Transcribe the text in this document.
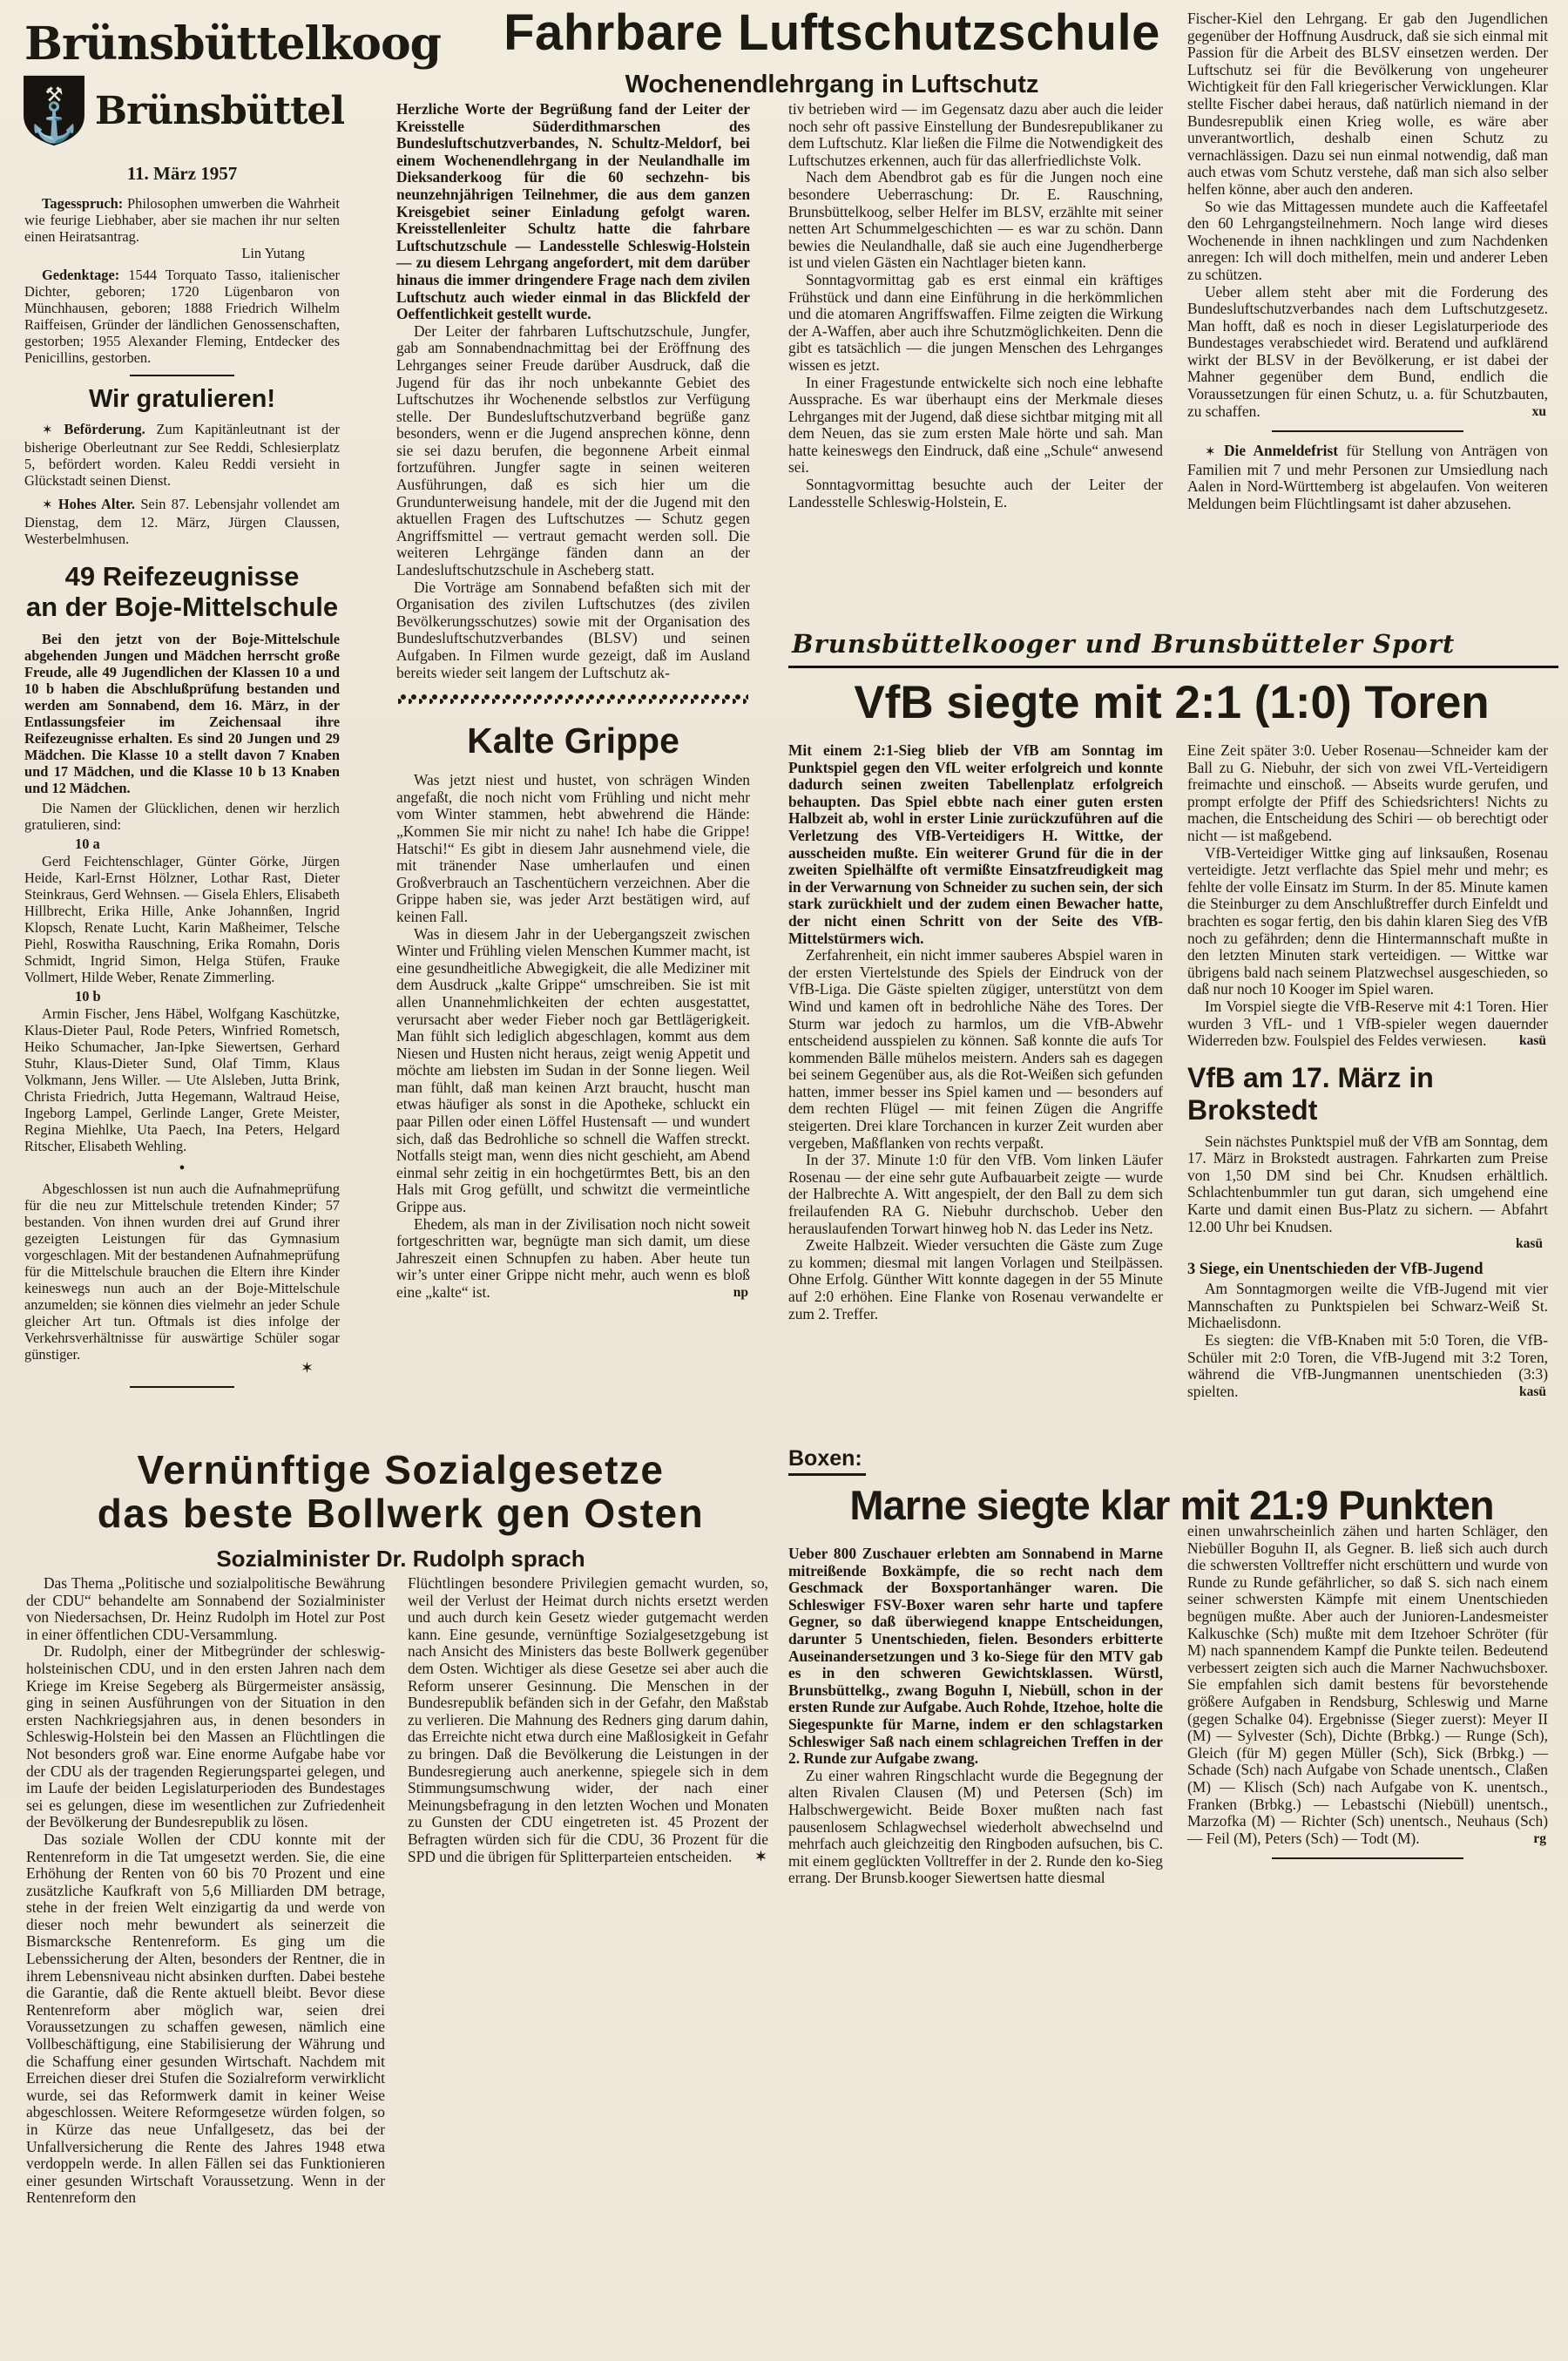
Brünsbüttelkoog
⚒
⚓ Brünsbüttel
11. März 1957

Tagesspruch: Philosophen umwerben die Wahrheit wie feurige Liebhaber, aber sie machen ihr nur selten einen Heiratsantrag.

Lin Yutang

Gedenktage: 1544 Torquato Tasso, italienischer Dichter, geboren; 1720 Lügenbaron von Münchhausen, geboren; 1888 Friedrich Wilhelm Raiffeisen, Gründer der ländlichen Genossenschaften, gestorben; 1955 Alexander Fleming, Entdecker des Penicillins, gestorben.

Wir gratulieren!

✶ Beförderung. Zum Kapitänleutnant ist der bisherige Oberleutnant zur See Reddi, Schlesierplatz 5, befördert worden. Kaleu Reddi versieht in Glückstadt seinen Dienst.

✶ Hohes Alter. Sein 87. Lebensjahr vollendet am Dienstag, dem 12. März, Jürgen Claussen, Westerbelmhusen.

49 Reifezeugnisse
an der Boje-Mittelschule

Bei den jetzt von der Boje-Mittelschule abgehenden Jungen und Mädchen herrscht große Freude, alle 49 Jugendlichen der Klassen 10 a und 10 b haben die Abschlußprüfung bestanden und werden am Sonnabend, dem 16. März, in der Entlassungsfeier im Zeichensaal ihre Reifezeugnisse erhalten. Es sind 20 Jungen und 29 Mädchen. Die Klasse 10 a stellt davon 7 Knaben und 17 Mädchen, und die Klasse 10 b 13 Knaben und 12 Mädchen.

Die Namen der Glücklichen, denen wir herzlich gratulieren, sind:

10 a

Gerd Feichtenschlager, Günter Görke, Jürgen Heide, Karl-Ernst Hölzner, Lothar Rast, Dieter Steinkraus, Gerd Wehnsen. — Gisela Ehlers, Elisabeth Hillbrecht, Erika Hille, Anke Johannßen, Ingrid Klopsch, Renate Lucht, Karin Maßheimer, Telsche Piehl, Roswitha Rauschning, Erika Romahn, Doris Schmidt, Ingrid Simon, Helga Stüfen, Frauke Vollmert, Hilde Weber, Renate Zimmerling.

10 b

Armin Fischer, Jens Häbel, Wolfgang Kaschützke, Klaus-Dieter Paul, Rode Peters, Winfried Rometsch, Heiko Schumacher, Jan-Ipke Siewertsen, Gerhard Stuhr, Klaus-Dieter Sund, Olaf Timm, Klaus Volkmann, Jens Willer. — Ute Alsleben, Jutta Brink, Christa Friedrich, Jutta Hegemann, Waltraud Heise, Ingeborg Lampel, Gerlinde Langer, Grete Meister, Regina Miehlke, Uta Paech, Ina Peters, Helgard Ritscher, Elisabeth Wehling.

●

Abgeschlossen ist nun auch die Aufnahmeprüfung für die neu zur Mittelschule tretenden Kinder; 57 bestanden. Von ihnen wurden drei auf Grund ihrer gezeigten Leistungen für das Gymnasium vorgeschlagen. Mit der bestandenen Aufnahmeprüfung für die Mittelschule brauchen die Eltern ihre Kinder keineswegs nun auch an der Boje-Mittelschule anzumelden; sie können dies vielmehr an jeder Schule gleicher Art tun. Oftmals ist dies infolge der Verkehrsverhältnisse für auswärtige Schüler sogar günstiger.

✶
Fahrbare Luftschutzschule
Wochenendlehrgang in Luftschutz

Herzliche Worte der Begrüßung fand der Leiter der Kreisstelle Süderdithmarschen des Bundesluftschutzverbandes, N. Schultz-Meldorf, bei einem Wochenendlehrgang in der Neulandhalle im Dieksanderkoog für die 60 sechzehn- bis neunzehnjährigen Teilnehmer, die aus dem ganzen Kreisgebiet seiner Einladung gefolgt waren. Kreisstellenleiter Schultz hatte die fahrbare Luftschutzschule — Landesstelle Schleswig-Holstein — zu diesem Lehrgang angefordert, mit dem darüber hinaus die immer dringendere Frage nach dem zivilen Luftschutz auch wieder einmal in das Blickfeld der Oeffentlichkeit gestellt wurde.

Der Leiter der fahrbaren Luftschutzschule, Jungfer, gab am Sonnabendnachmittag bei der Eröffnung des Lehrganges seiner Freude darüber Ausdruck, daß die Jugend für das ihr noch unbekannte Gebiet des Luftschutzes ihr Wochenende selbstlos zur Verfügung stelle. Der Bundesluftschutzverband begrüße ganz besonders, wenn er die Jugend ansprechen könne, denn sie sei dazu berufen, die begonnene Arbeit einmal fortzuführen. Jungfer sagte in seinen weiteren Ausführungen, daß es sich hier um die Grundunterweisung handele, mit der die Jugend mit den aktuellen Fragen des Luftschutzes — Schutz gegen Angriffsmittel — vertraut gemacht werden soll. Die weiteren Lehrgänge fänden dann an der Landesluftschutzschule in Ascheberg statt.

Die Vorträge am Sonnabend befaßten sich mit der Organisation des zivilen Luftschutzes (des zivilen Bevölkerungsschutzes) sowie mit der Organisation des Bundesluftschutzverbandes (BLSV) und seinen Aufgaben. In Filmen wurde gezeigt, daß im Ausland bereits wieder seit langem der Luftschutz ak-

Kalte Grippe

Was jetzt niest und hustet, von schrägen Winden angefaßt, die noch nicht vom Frühling und nicht mehr vom Winter stammen, hebt abwehrend die Hände: „Kommen Sie mir nicht zu nahe! Ich habe die Grippe! Hatschi!“ Es gibt in diesem Jahr ausnehmend viele, die mit tränender Nase umherlaufen und einen Großverbrauch an Taschentüchern verzeichnen. Aber die Grippe haben sie, was jeder Arzt bestätigen wird, auf keinen Fall.

Was in diesem Jahr in der Uebergangszeit zwischen Winter und Frühling vielen Menschen Kummer macht, ist eine gesundheitliche Abwegigkeit, die alle Mediziner mit dem Ausdruck „kalte Grippe“ umschreiben. Sie ist mit allen Unannehmlichkeiten der echten ausgestattet, verursacht aber weder Fieber noch gar Bettlägerigkeit. Man fühlt sich lediglich abgeschlagen, kommt aus dem Niesen und Husten nicht heraus, zeigt wenig Appetit und möchte am liebsten im Sudan in der Sonne liegen. Weil man fühlt, daß man keinen Arzt braucht, huscht man etwas häufiger als sonst in die Apotheke, schluckt ein paar Pillen oder einen Löffel Hustensaft — und wundert sich, daß das Bedrohliche so schnell die Waffen streckt. Notfalls steigt man, wenn dies nicht geschieht, am Abend einmal sehr zeitig in ein hochgetürmtes Bett, bis an den Hals mit Grog gefüllt, und schwitzt die vermeintliche Grippe aus.

Ehedem, als man in der Zivilisation noch nicht soweit fortgeschritten war, begnügte man sich damit, um diese Jahreszeit einen Schnupfen zu haben. Aber heute tun wir’s unter einer Grippe nicht mehr, auch wenn es bloß eine „kalte“ ist.	np

tiv betrieben wird — im Gegensatz dazu aber auch die leider noch sehr oft passive Einstellung der Bundesrepublikaner zu dem Luftschutz. Klar ließen die Filme die Notwendigkeit des Luftschutzes erkennen, auch für das allerfriedlichste Volk.

Nach dem Abendbrot gab es für die Jungen noch eine besondere Ueberraschung: Dr. E. Rauschning, Brunsbüttelkoog, selber Helfer im BLSV, erzählte mit seiner netten Art Schummelgeschichten — es war zu schön. Dann bewies die Neulandhalle, daß sie auch eine Jugendherberge ist und vielen Gästen ein Nachtlager bieten kann.

Sonntagvormittag gab es erst einmal ein kräftiges Frühstück und dann eine Einführung in die herkömmlichen und die atomaren Angriffswaffen. Filme zeigten die Wirkung der A-Waffen, aber auch ihre Schutzmöglichkeiten. Denn die gibt es tatsächlich — die jungen Menschen des Lehrganges wissen es jetzt.

In einer Fragestunde entwickelte sich noch eine lebhafte Aussprache. Es war überhaupt eins der Merkmale dieses Lehrganges mit der Jugend, daß diese sichtbar mitging mit all dem Neuen, das sie zum ersten Male hörte und sah. Man hatte keineswegs den Eindruck, daß eine „Schule“ anwesend sei.

Sonntagvormittag besuchte auch der Leiter der Landesstelle Schleswig-Holstein, E.

Fischer-Kiel den Lehrgang. Er gab den Jugendlichen gegenüber der Hoffnung Ausdruck, daß sie sich einmal mit Passion für die Arbeit des BLSV einsetzen werden. Der Luftschutz sei für die Bevölkerung von ungeheurer Wichtigkeit für den Fall kriegerischer Verwicklungen. Klar stellte Fischer dabei heraus, daß natürlich niemand in der Bundesrepublik einen Krieg wolle, es wäre aber unverantwortlich, deshalb einen Schutz zu vernachlässigen. Dazu sei nun einmal notwendig, daß man auch etwas vom Schutz verstehe, daß man sich also selber helfen könne, aber auch den anderen.

So wie das Mittagessen mundete auch die Kaffeetafel den 60 Lehrgangsteilnehmern. Noch lange wird dieses Wochenende in ihnen nachklingen und zum Nachdenken anregen: Ich will doch mithelfen, mein und anderer Leben zu schützen.

Ueber allem steht aber mit die Forderung des Bundesluftschutzverbandes nach dem Luftschutzgesetz. Man hofft, daß es noch in dieser Legislaturperiode des Bundestages verabschiedet wird. Beratend und aufklärend wirkt der BLSV in der Bevölkerung, er ist dabei der Mahner gegenüber dem Bund, endlich die Voraussetzungen für einen Schutz, u. a. für Schutzbauten, zu schaffen.	xu

✶ Die Anmeldefrist für Stellung von Anträgen von Familien mit 7 und mehr Personen zur Umsiedlung nach Aalen in Nord-Württemberg ist abgelaufen. Von weiteren Meldungen beim Flüchtlingsamt ist daher abzusehen.

Brunsbüttelkooger und Brunsbütteler Sport
VfB siegte mit 2:1 (1:0) Toren

Mit einem 2:1-Sieg blieb der VfB am Sonntag im Punktspiel gegen den VfL weiter erfolgreich und konnte dadurch seinen zweiten Tabellenplatz erfolgreich behaupten. Das Spiel ebbte nach einer guten ersten Halbzeit ab, wohl in erster Linie zurückzuführen auf die Verletzung des VfB-Verteidigers H. Wittke, der ausscheiden mußte. Ein weiterer Grund für die in der zweiten Spielhälfte oft vermißte Einsatzfreudigkeit mag in der Verwarnung von Schneider zu suchen sein, der sich stark zurückhielt und der zudem einen Bewacher hatte, der nicht einen Schritt von der Seite des VfB-Mittelstürmers wich.

Zerfahrenheit, ein nicht immer sauberes Abspiel waren in der ersten Viertelstunde des Spiels der Eindruck von der VfB-Liga. Die Gäste spielten zügiger, unterstützt von dem Wind und kamen oft in bedrohliche Nähe des Tores. Der Sturm war jedoch zu harmlos, um die VfB-Abwehr entscheidend ausspielen zu können. Saß konnte die aufs Tor kommenden Bälle mühelos meistern. Anders sah es dagegen bei seinem Gegenüber aus, als die Rot-Weißen sich gefunden hatten, immer besser ins Spiel kamen und — besonders auf dem rechten Flügel — mit feinen Zügen die Angriffe steigerten. Drei klare Torchancen in kurzer Zeit wurden aber vergeben, Maßflanken von rechts verpaßt.

In der 37. Minute 1:0 für den VfB. Vom linken Läufer Rosenau — der eine sehr gute Aufbauarbeit zeigte — wurde der Halbrechte A. Witt angespielt, der den Ball zu dem sich freilaufenden RA G. Niebuhr durchschob. Ueber den herauslaufenden Torwart hinweg hob N. das Leder ins Netz.

Zweite Halbzeit. Wieder versuchten die Gäste zum Zuge zu kommen; diesmal mit langen Vorlagen und Steilpässen. Ohne Erfolg. Günther Witt konnte dagegen in der 55 Minute auf 2:0 erhöhen. Eine Flanke von Rosenau verwandelte er zum 2. Treffer.

Eine Zeit später 3:0. Ueber Rosenau—Schneider kam der Ball zu G. Niebuhr, der sich von zwei VfL-Verteidigern freimachte und einschoß. — Abseits wurde gerufen, und prompt erfolgte der Pfiff des Schiedsrichters! Nichts zu machen, die Entscheidung des Schiri — ob berechtigt oder nicht — ist maßgebend.

VfB-Verteidiger Wittke ging auf linksaußen, Rosenau verteidigte. Jetzt verflachte das Spiel mehr und mehr; es fehlte der volle Einsatz im Sturm. In der 85. Minute kamen die Steinburger zu dem Anschlußtreffer durch Einfeldt und brachten es sogar fertig, den bis dahin klaren Sieg des VfB noch zu gefährden; denn die Hintermannschaft mußte in den letzten Minuten stark verteidigen. — Wittke war übrigens bald nach seinem Platzwechsel ausgeschieden, so daß nur noch 10 Kooger im Spiel waren.

Im Vorspiel siegte die VfB-Reserve mit 4:1 Toren. Hier wurden 3 VfL- und 1 VfB-spieler wegen dauernder Widerreden bzw. Foulspiel des Feldes verwiesen. kasü

VfB am 17. März in Brokstedt

Sein nächstes Punktspiel muß der VfB am Sonntag, dem 17. März in Brokstedt austragen. Fahrkarten zum Preise von 1,50 DM sind bei Chr. Knudsen erhältlich. Schlachtenbummler tun gut daran, sich umgehend eine Karte und damit einen Bus-Platz zu sichern. — Abfahrt 12.00 Uhr bei Knudsen.

kasü
3 Siege, ein Unentschieden der VfB-Jugend

Am Sonntagmorgen weilte die VfB-Jugend mit vier Mannschaften zu Punktspielen bei Schwarz-Weiß St. Michaelisdonn.

Es siegten: die VfB-Knaben mit 5:0 Toren, die VfB-Schüler mit 2:0 Toren, die VfB-Jugend mit 3:2 Toren, während die VfB-Jungmannen unentschieden (3:3) spielten.	kasü

Boxen:
Marne siegte klar mit 21:9 Punkten

Ueber 800 Zuschauer erlebten am Sonnabend in Marne mitreißende Boxkämpfe, die so recht nach dem Geschmack der Boxsportanhänger waren. Die Schleswiger FSV-Boxer waren sehr harte und tapfere Gegner, so daß überwiegend knappe Entscheidungen, darunter 5 Unentschieden, fielen. Besonders erbitterte Auseinandersetzungen und 3 ko-Siege für den MTV gab es in den schweren Gewichtsklassen. Würstl, Brunsbüttelkg., zwang Boguhn I, Niebüll, schon in der ersten Runde zur Aufgabe. Auch Rohde, Itzehoe, holte die Siegespunkte für Marne, indem er den schlagstarken Schleswiger Saß nach einem schlagreichen Treffen in der 2. Runde zur Aufgabe zwang.

Zu einer wahren Ringschlacht wurde die Begegnung der alten Rivalen Clausen (M) und Petersen (Sch) im Halbschwergewicht. Beide Boxer mußten nach fast pausenlosem Schlagwechsel wiederholt abwechselnd und mehrfach auch gleichzeitig den Ringboden aufsuchen, bis C. mit einem geglückten Volltreffer in der 2. Runde den ko-Sieg errang. Der Brunsb.kooger Siewertsen hatte diesmal

einen unwahrscheinlich zähen und harten Schläger, den Niebüller Boguhn II, als Gegner. B. ließ sich auch durch die schwersten Volltreffer nicht erschüttern und wurde von Runde zu Runde gefährlicher, so daß S. sich nach einem seiner schwersten Kämpfe mit einem Unentschieden begnügen mußte. Aber auch der Junioren-Landesmeister Kalkuschke (Sch) mußte mit dem Itzehoer Schröter (für M) nach spannendem Kampf die Punkte teilen. Bedeutend verbessert zeigten sich auch die Marner Nachwuchsboxer. Sie empfahlen sich damit bestens für bevorstehende größere Aufgaben in Rendsburg, Schleswig und Marne (gegen Schalke 04). Ergebnisse (Sieger zuerst): Meyer II (M) — Sylvester (Sch), Dichte (Brbkg.) — Runge (Sch), Gleich (für M) gegen Müller (Sch), Sick (Brbkg.) — Schade (Sch) nach Aufgabe von Schade unentsch., Claßen (M) — Klisch (Sch) nach Aufgabe von K. unentsch., Franken (Brbkg.) — Lebastschi (Niebüll) unentsch., Marzofka (M) — Richter (Sch) unentsch., Neuhaus (Sch) — Feil (M), Peters (Sch) — Todt (M).	rg

Vernünftige Sozialgesetze
das beste Bollwerk gen Osten
Sozialminister Dr. Rudolph sprach

Das Thema „Politische und sozialpolitische Bewährung der CDU“ behandelte am Sonnabend der Sozialminister von Niedersachsen, Dr. Heinz Rudolph im Hotel zur Post in einer öffentlichen CDU-Versammlung.

Dr. Rudolph, einer der Mitbegründer der schleswig-holsteinischen CDU, und in den ersten Jahren nach dem Kriege im Kreise Segeberg als Bürgermeister ansässig, ging in seinen Ausführungen von der Situation in den ersten Nachkriegsjahren aus, in denen besonders in Schleswig-Holstein bei den Massen an Flüchtlingen die Not besonders groß war. Eine enorme Aufgabe habe vor der CDU als der tragenden Regierungspartei gelegen, und im Laufe der beiden Legislaturperioden des Bundestages sei es gelungen, diese im wesentlichen zur Zufriedenheit der Bevölkerung der Bundesrepublik zu lösen.

Das soziale Wollen der CDU konnte mit der Rentenreform in die Tat umgesetzt werden. Sie, die eine Erhöhung der Renten von 60 bis 70 Prozent und eine zusätzliche Kaufkraft von 5,6 Milliarden DM betrage, stehe in der freien Welt einzigartig da und werde von dieser noch mehr bewundert als seinerzeit die Bismarcksche Rentenreform. Es ging um die Lebenssicherung der Alten, besonders der Rentner, die in ihrem Lebensniveau nicht absinken durften. Dabei bestehe die Garantie, daß die Rente aktuell bleibt. Bevor diese Rentenreform aber möglich war, seien drei Voraussetzungen zu schaffen gewesen, nämlich eine Vollbeschäftigung, eine Stabilisierung der Währung und die Schaffung einer gesunden Wirtschaft. Nachdem mit Erreichen dieser drei Stufen die Sozialreform verwirklicht wurde, sei das Reformwerk damit in keiner Weise abgeschlossen. Weitere Reformgesetze würden folgen, so in Kürze das neue Unfallgesetz, das bei der Unfallversicherung die Rente des Jahres 1948 etwa verdoppeln werde. In allen Fällen sei das Funktionieren einer gesunden Wirtschaft Voraussetzung. Wenn in der Rentenreform den

Flüchtlingen besondere Privilegien gemacht wurden, so, weil der Verlust der Heimat durch nichts ersetzt werden und auch durch kein Gesetz wieder gutgemacht werden kann. Eine gesunde, vernünftige Sozialgesetzgebung ist nach Ansicht des Ministers das beste Bollwerk gegenüber dem Osten. Wichtiger als diese Gesetze sei aber auch die Reform unserer Gesinnung. Die Menschen in der Bundesrepublik befänden sich in der Gefahr, den Maßstab zu verlieren. Die Mahnung des Redners ging darum dahin, das Erreichte nicht etwa durch eine Maßlosigkeit in Gefahr zu bringen. Daß die Bevölkerung die Leistungen in der Bundesregierung auch anerkenne, spiegele sich in dem Stimmungsumschwung wider, der nach einer Meinungsbefragung in den letzten Wochen und Monaten zu Gunsten der CDU eingetreten ist. 45 Prozent der Befragten würden sich für die CDU, 36 Prozent für die SPD und die übrigen für Splitterparteien entscheiden. ✶
